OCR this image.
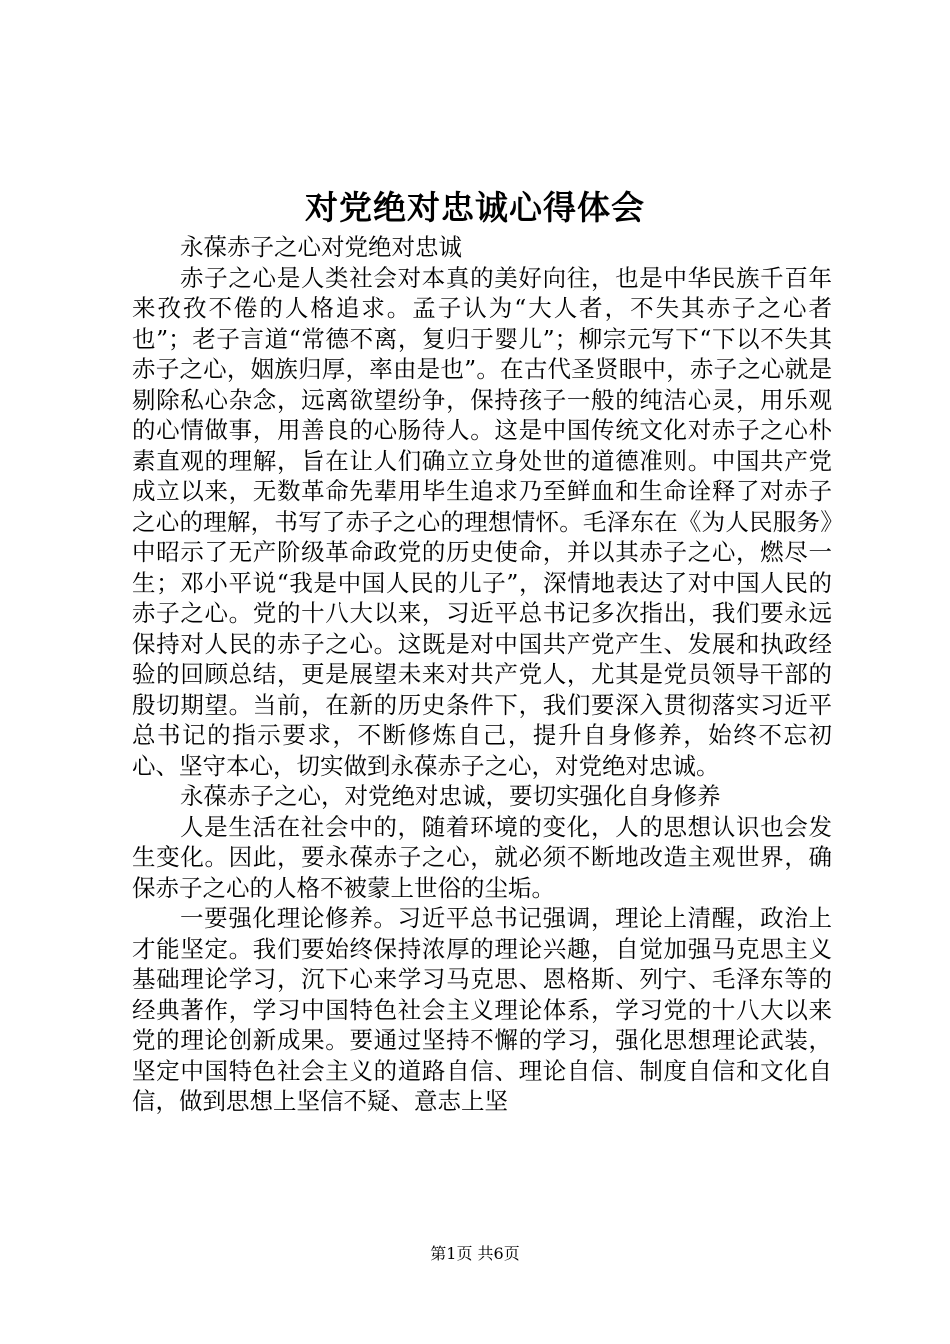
对党绝对忠诚心得体会

永葆赤子之心对党绝对忠诚

赤子之心是人类社会对本真的美好向往，也是中华民族千百年来孜孜不倦的人格追求。孟子认为“大人者，不失其赤子之心者也”；老子言道“常德不离，复归于婴儿”；柳宗元写下“下以不失其赤子之心，姻族归厚，率由是也”。在古代圣贤眼中，赤子之心就是剔除私心杂念，远离欲望纷争，保持孩子一般的纯洁心灵，用乐观的心情做事，用善良的心肠待人。这是中国传统文化对赤子之心朴素直观的理解，旨在让人们确立立身处世的道德准则。中国共产党成立以来，无数革命先辈用毕生追求乃至鲜血和生命诠释了对赤子之心的理解，书写了赤子之心的理想情怀。毛泽东在《为人民服务》中昭示了无产阶级革命政党的历史使命，并以其赤子之心，燃尽一生；邓小平说“我是中国人民的儿子”，深情地表达了对中国人民的赤子之心。党的十八大以来，习近平总书记多次指出，我们要永远保持对人民的赤子之心。这既是对中国共产党产生、发展和执政经验的回顾总结，更是展望未来对共产党人，尤其是党员领导干部的殷切期望。当前，在新的历史条件下，我们要深入贯彻落实习近平总书记的指示要求，不断修炼自己，提升自身修养，始终不忘初心、坚守本心，切实做到永葆赤子之心，对党绝对忠诚。

永葆赤子之心，对党绝对忠诚，要切实强化自身修养

人是生活在社会中的，随着环境的变化，人的思想认识也会发生变化。因此，要永葆赤子之心，就必须不断地改造主观世界，确保赤子之心的人格不被蒙上世俗的尘垢。

一要强化理论修养。习近平总书记强调，理论上清醒，政治上才能坚定。我们要始终保持浓厚的理论兴趣，自觉加强马克思主义基础理论学习，沉下心来学习马克思、恩格斯、列宁、毛泽东等的经典著作，学习中国特色社会主义理论体系，学习党的十八大以来党的理论创新成果。要通过坚持不懈的学习，强化思想理论武装，坚定中国特色社会主义的道路自信、理论自信、制度自信和文化自信，做到思想上坚信不疑、意志上坚

第1页 共6页
